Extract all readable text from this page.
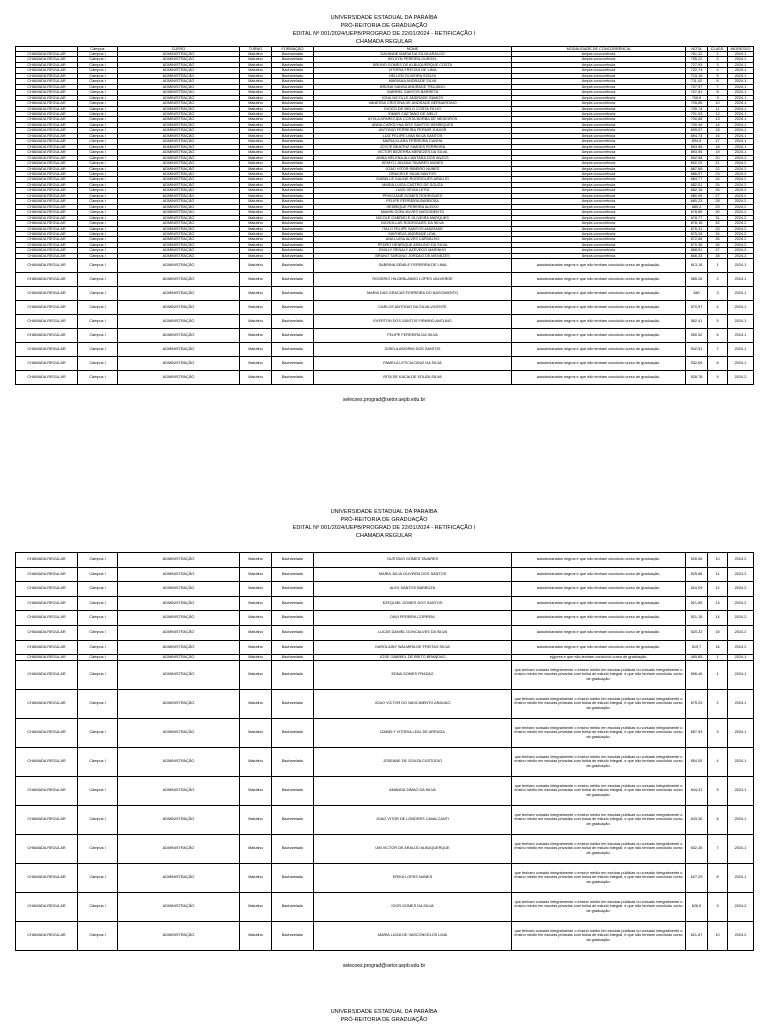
UNIVERSIDADE ESTADUAL DA PARAÍBA
PRÓ-REITORIA DE GRADUAÇÃO
EDITAL Nº 001/2024/UEPB/PROGRAD DE 22/01/2024 - RETIFICAÇÃO I
CHAMADA REGULAR
	Câmpus	CURSO	TURNO	FORMAÇÃO	NOME	MODALIDADE DE CONCORRÊNCIA	NOTA	CLASS.	INGRESSO
CHAMADA REGULAR	Câmpus I	ADMINISTRAÇÃO	Matutino	Bacharelado	DAYANNE MARIA DA SILVA ARAUJO	Ampla concorrência	761,22	1	2024.1
CHAMADA REGULAR	Câmpus I	ADMINISTRAÇÃO	Matutino	Bacharelado	KELVYN PEREIRA GURGEL	Ampla concorrência	755,22	2	2024.1
CHAMADA REGULAR	Câmpus I	ADMINISTRAÇÃO	Matutino	Bacharelado	BRUNO GOMES DE ALBUQUERQUE COSTA	Ampla concorrência	727,93	3	2024.1
CHAMADA REGULAR	Câmpus I	ADMINISTRAÇÃO	Matutino	Bacharelado	VITORIA FREITAS DE LIMA	Ampla concorrência	722,74	4	2024.1
CHAMADA REGULAR	Câmpus I	ADMINISTRAÇÃO	Matutino	Bacharelado	HELLEN OLIVEIRA SOUZA	Ampla concorrência	715,15	5	2024.1
CHAMADA REGULAR	Câmpus I	ADMINISTRAÇÃO	Matutino	Bacharelado	MARIANA ANDRADE SILVA	Ampla concorrência	711,42	6	2024.1
CHAMADA REGULAR	Câmpus I	ADMINISTRAÇÃO	Matutino	Bacharelado	BRUNA SANSA ANDRADE TRAJANO	Ampla concorrência	707,97	7	2024.1
CHAMADA REGULAR	Câmpus I	ADMINISTRAÇÃO	Matutino	Bacharelado	GABRIEL SANTOS BARRETA	Ampla concorrência	707,81	8	2024.1
CHAMADA REGULAR	Câmpus I	ADMINISTRAÇÃO	Matutino	Bacharelado	IGNA NICOLLE ANDRADE RAMOS	Ampla concorrência	706,6	9	2024.1
CHAMADA REGULAR	Câmpus I	ADMINISTRAÇÃO	Matutino	Bacharelado	VANESSA CRISTINA DE ANDRADE BERNARDINO	Ampla concorrência	705,85	10	2024.1
CHAMADA REGULAR	Câmpus I	ADMINISTRAÇÃO	Matutino	Bacharelado	DIOGO DE MELO COSTA FILHO	Ampla concorrência	705,74	11	2024.1
CHAMADA REGULAR	Câmpus I	ADMINISTRAÇÃO	Matutino	Bacharelado	IOMAR CAETANO DE MELO	Ampla concorrência	701,03	12	2024.1
CHAMADA REGULAR	Câmpus I	ADMINISTRAÇÃO	Matutino	Bacharelado	AYSLA APARECIDA COSTA BORBA DE MEDEIROS	Ampla concorrência	700,68	13	2024.1
CHAMADA REGULAR	Câmpus I	ADMINISTRAÇÃO	Matutino	Bacharelado	ANNA CAROLYNA DOS SANTOS HENRIQUES	Ampla concorrência	700,49	14	2024.1
CHAMADA REGULAR	Câmpus I	ADMINISTRAÇÃO	Matutino	Bacharelado	ANTONIO FERREIRA PERNIR JUNIOR	Ampla concorrência	695,57	15	2024.1
CHAMADA REGULAR	Câmpus I	ADMINISTRAÇÃO	Matutino	Bacharelado	LUIZ FELIPE LIMA SILVA SANTOS	Ampla concorrência	694,74	16	2024.1
CHAMADA REGULAR	Câmpus I	ADMINISTRAÇÃO	Matutino	Bacharelado	MARIA KLARA FERREIRA CUNHA	Ampla concorrência	694,5	17	2024.1
CHAMADA REGULAR	Câmpus I	ADMINISTRAÇÃO	Matutino	Bacharelado	JOYCE BEATRIZ SIMOES FERREIRA	Ampla concorrência	693,98	18	2024.1
CHAMADA REGULAR	Câmpus I	ADMINISTRAÇÃO	Matutino	Bacharelado	VICTOR BEZERRA MENEZES DA SILVA	Ampla concorrência	693,95	19	2024.1
CHAMADA REGULAR	Câmpus I	ADMINISTRAÇÃO	Matutino	Bacharelado	ANNA HELENA ALCANTARA DOS ANJOS	Ampla concorrência	692,58	20	2024.2
CHAMADA REGULAR	Câmpus I	ADMINISTRAÇÃO	Matutino	Bacharelado	KEMYLI JAYANA TAVARES NUNES	Ampla concorrência	692,29	21	2024.2
CHAMADA REGULAR	Câmpus I	ADMINISTRAÇÃO	Matutino	Bacharelado	JOAO VITOR RIBEIRO NUNES	Ampla concorrência	687,59	22	2024.2
CHAMADA REGULAR	Câmpus I	ADMINISTRAÇÃO	Matutino	Bacharelado	GRACIELE SILVA SANTOS	Ampla concorrência	686,97	23	2024.2
CHAMADA REGULAR	Câmpus I	ADMINISTRAÇÃO	Matutino	Bacharelado	ISABELLE KALINE RODRIGUES ARAUJO	Ampla concorrência	684,77	24	2024.2
CHAMADA REGULAR	Câmpus I	ADMINISTRAÇÃO	Matutino	Bacharelado	MARIA LUIZA CASTRO DE SOUZA	Ampla concorrência	682,51	25	2024.2
CHAMADA REGULAR	Câmpus I	ADMINISTRAÇÃO	Matutino	Bacharelado	LUIGI VEIGA LEITA	Ampla concorrência	682,16	26	2024.2
CHAMADA REGULAR	Câmpus I	ADMINISTRAÇÃO	Matutino	Bacharelado	PRISCIANE GOMES RODRIGUES	Ampla concorrência	680,59	27	2024.2
CHAMADA REGULAR	Câmpus I	ADMINISTRAÇÃO	Matutino	Bacharelado	FELIPE FERREIRA BARBOSA	Ampla concorrência	680,23	28	2024.2
CHAMADA REGULAR	Câmpus I	ADMINISTRAÇÃO	Matutino	Bacharelado	HENRIQUE PEREIRA ALEIXO	Ampla concorrência	680,2	29	2024.2
CHAMADA REGULAR	Câmpus I	ADMINISTRAÇÃO	Matutino	Bacharelado	MAMIN GONCALVES NASCIMENTO	Ampla concorrência	678,85	30	2024.2
CHAMADA REGULAR	Câmpus I	ADMINISTRAÇÃO	Matutino	Bacharelado	NICOLE GABRIELE OLIVEIRA MARQUES	Ampla concorrência	678,77	31	2024.2
CHAMADA REGULAR	Câmpus I	ADMINISTRAÇÃO	Matutino	Bacharelado	NICHOLLAS RODRIGUES DA SILVA	Ampla concorrência	678,16	32	2024.2
CHAMADA REGULAR	Câmpus I	ADMINISTRAÇÃO	Matutino	Bacharelado	ITALO FELIPE SANTOS ANDRADE	Ampla concorrência	676,31	33	2024.2
CHAMADA REGULAR	Câmpus I	ADMINISTRAÇÃO	Matutino	Bacharelado	MATHEUS ANDRADE LEAL	Ampla concorrência	675,28	34	2024.2
CHAMADA REGULAR	Câmpus I	ADMINISTRAÇÃO	Matutino	Bacharelado	ANA LUISA ALVES CARVALHO	Ampla concorrência	672,68	35	2024.2
CHAMADA REGULAR	Câmpus I	ADMINISTRAÇÃO	Matutino	Bacharelado	PEDRO HENRIQUE ADELINO DA SILVA	Ampla concorrência	670,36	36	2024.2
CHAMADA REGULAR	Câmpus I	ADMINISTRAÇÃO	Matutino	Bacharelado	EMILLY RENALY AZEVEDO MARINHO	Ampla concorrência	668,51	37	2024.2
CHAMADA REGULAR	Câmpus I	ADMINISTRAÇÃO	Matutino	Bacharelado	BRUNO TARGINO JORDAO DE MENEZES	Ampla concorrência	666,33	38	2024.2
CHAMADA REGULAR	Câmpus I	ADMINISTRAÇÃO	Matutino	Bacharelado	SABRINA SEMILE FERREIRA DE LIMA	autodeclarados negros e que não tenham concluído curso de graduação.	613,18	1	2024.1
CHAMADA REGULAR	Câmpus I	ADMINISTRAÇÃO	Matutino	Bacharelado	ROGERIO HILDEBLANDO LOPES VALVERDE	autodeclarados negros e que não tenham concluído curso de graduação.	585,26	2	2024.1
CHAMADA REGULAR	Câmpus I	ADMINISTRAÇÃO	Matutino	Bacharelado	MARIA DAS GRACAS FERREIRA DO NASCIMENTO	autodeclarados negros e que não tenham concluído curso de graduação.	580	3	2024.1
CHAMADA REGULAR	Câmpus I	ADMINISTRAÇÃO	Matutino	Bacharelado	CARLOS ANTONIO DA SILVA VICENTE	autodeclarados negros e que não tenham concluído curso de graduação.	570,97	4	2024.1
CHAMADA REGULAR	Câmpus I	ADMINISTRAÇÃO	Matutino	Bacharelado	EVERTON DOS SANTOS FIRMINO AVELINO	autodeclarados negros e que não tenham concluído curso de graduação.	562,41	5	2024.1
CHAMADA REGULAR	Câmpus I	ADMINISTRAÇÃO	Matutino	Bacharelado	FELIPE FERREIRA DA SILVA	autodeclarados negros e que não tenham concluído curso de graduação.	550,52	6	2024.1
CHAMADA REGULAR	Câmpus I	ADMINISTRAÇÃO	Matutino	Bacharelado	GISELA AMORIM DOS SANTOS	autodeclarados negros e que não tenham concluído curso de graduação.	542,51	7	2024.1
CHAMADA REGULAR	Câmpus I	ADMINISTRAÇÃO	Matutino	Bacharelado	PAMELA LETICIA DINIZ DA SILVA	autodeclarados negros e que não tenham concluído curso de graduação.	532,69	8	2024.1
CHAMADA REGULAR	Câmpus I	ADMINISTRAÇÃO	Matutino	Bacharelado	RITA DE KACIA DE SOUZA SILVA	autodeclarados negros e que não tenham concluído curso de graduação.	528,78	9	2024.2
selecoes.prograd@setor.uepb.edu.br
UNIVERSIDADE ESTADUAL DA PARAÍBA
PRÓ-REITORIA DE GRADUAÇÃO
EDITAL Nº 001/2024/UEPB/PROGRAD DE 22/01/2024 - RETIFICAÇÃO I
CHAMADA REGULAR
CHAMADA REGULAR	Câmpus I	ADMINISTRAÇÃO	Matutino	Bacharelado	GUSTAVO GOMES TAVARES	autodeclarados negros e que não tenham concluído curso de graduação.	526,56	10	2024.2
CHAMADA REGULAR	Câmpus I	ADMINISTRAÇÃO	Matutino	Bacharelado	MARIA JULIA OLIVEIRA DOS SANTOS	autodeclarados negros e que não tenham concluído curso de graduação.	525,88	11	2024.2
CHAMADA REGULAR	Câmpus I	ADMINISTRAÇÃO	Matutino	Bacharelado	ALEX SANTOS BARBOZA	autodeclarados negros e que não tenham concluído curso de graduação.	524,09	12	2024.2
CHAMADA REGULAR	Câmpus I	ADMINISTRAÇÃO	Matutino	Bacharelado	EZEQUIEL GOMES DOS SANTOS	autodeclarados negros e que não tenham concluído curso de graduação.	521,85	13	2024.2
CHAMADA REGULAR	Câmpus I	ADMINISTRAÇÃO	Matutino	Bacharelado	DAVI PEREIRA CORREIA	autodeclarados negros e que não tenham concluído curso de graduação.	521,15	14	2024.2
CHAMADA REGULAR	Câmpus I	ADMINISTRAÇÃO	Matutino	Bacharelado	LUCAS DANIEL GONCALVES DA SILVA	autodeclarados negros e que não tenham concluído curso de graduação.	520,22	15	2024.2
CHAMADA REGULAR	Câmpus I	ADMINISTRAÇÃO	Matutino	Bacharelado	KAROLAINY WALMIRA DE FREITAS SILVA	autodeclarados negros e que não tenham concluído curso de graduação.	519,7	16	2024.2
CHAMADA REGULAR	Câmpus I	ADMINISTRAÇÃO	Matutino	Bacharelado	JOSE GABRIEL DE BRITO BRANDAO	e(gores e que não tenham concluído curso de graduação.	469,85	1	2024.1
CHAMADA REGULAR	Câmpus I	ADMINISTRAÇÃO	Matutino	Bacharelado	EDNA GOMES FRAZAO	que tenham cursado integralmente o ensino médio em escolas públicas ou cursado integralmente o ensino médio em escolas privadas com bolsa de estudo integral, e que não tenham concluído curso de graduação.	696,46	1	2024.1
CHAMADA REGULAR	Câmpus I	ADMINISTRAÇÃO	Matutino	Bacharelado	JOAO VICTOR DO NASCIMENTO ARAGAO	que tenham cursado integralmente o ensino médio em escolas públicas ou cursado integralmente o ensino médio em escolas privadas com bolsa de estudo integral, e que não tenham concluído curso de graduação.	675,29	2	2024.1
CHAMADA REGULAR	Câmpus I	ADMINISTRAÇÃO	Matutino	Bacharelado	IZABELY VITORIA LEAL DE ARRUDA	que tenham cursado integralmente o ensino médio em escolas públicas ou cursado integralmente o ensino médio em escolas privadas com bolsa de estudo integral, e que não tenham concluído curso de graduação.	657,93	3	2024.1
CHAMADA REGULAR	Câmpus I	ADMINISTRAÇÃO	Matutino	Bacharelado	JOSEANE DE SOUZA CUSTODIO	que tenham cursado integralmente o ensino médio em escolas públicas ou cursado integralmente o ensino médio em escolas privadas com bolsa de estudo integral, e que não tenham concluído curso de graduação.	654,05	4	2024.1
CHAMADA REGULAR	Câmpus I	ADMINISTRAÇÃO	Matutino	Bacharelado	AMANDA SIMAO DA SILVA	que tenham cursado integralmente o ensino médio em escolas públicas ou cursado integralmente o ensino médio em escolas privadas com bolsa de estudo integral, e que não tenham concluído curso de graduação.	644,31	5	2024.1
CHAMADA REGULAR	Câmpus I	ADMINISTRAÇÃO	Matutino	Bacharelado	JOAO VITOR DE LONDRES CAVALCANTI	que tenham cursado integralmente o ensino médio em escolas públicas ou cursado integralmente o ensino médio em escolas privadas com bolsa de estudo integral, e que não tenham concluído curso de graduação.	633,35	6	2024.1
CHAMADA REGULAR	Câmpus I	ADMINISTRAÇÃO	Matutino	Bacharelado	IAN VICTOR DE ARAUJO ALBUQUERQUE	que tenham cursado integralmente o ensino médio em escolas públicas ou cursado integralmente o ensino médio em escolas privadas com bolsa de estudo integral, e que não tenham concluído curso de graduação.	632,35	7	2024.1
CHAMADA REGULAR	Câmpus I	ADMINISTRAÇÃO	Matutino	Bacharelado	ERIKA LOPES NUNES	que tenham cursado integralmente o ensino médio em escolas públicas ou cursado integralmente o ensino médio em escolas privadas com bolsa de estudo integral, e que não tenham concluído curso de graduação.	627,29	8	2024.1
CHAMADA REGULAR	Câmpus I	ADMINISTRAÇÃO	Matutino	Bacharelado	IGOR GOMES DA SILVA	que tenham cursado integralmente o ensino médio em escolas públicas ou cursado integralmente o ensino médio em escolas privadas com bolsa de estudo integral, e que não tenham concluído curso de graduação.	626,5	9	2024.2
CHAMADA REGULAR	Câmpus I	ADMINISTRAÇÃO	Matutino	Bacharelado	MARIA LUIZA DE VASCONCELOS LIMA	que tenham cursado integralmente o ensino médio em escolas públicas ou cursado integralmente o ensino médio em escolas privadas com bolsa de estudo integral, e que não tenham concluído curso de graduação.	621,67	10	2024.2
selecoes.prograd@setor.uepb.edu.br
UNIVERSIDADE ESTADUAL DA PARAÍBA
PRÓ-REITORIA DE GRADUAÇÃO
